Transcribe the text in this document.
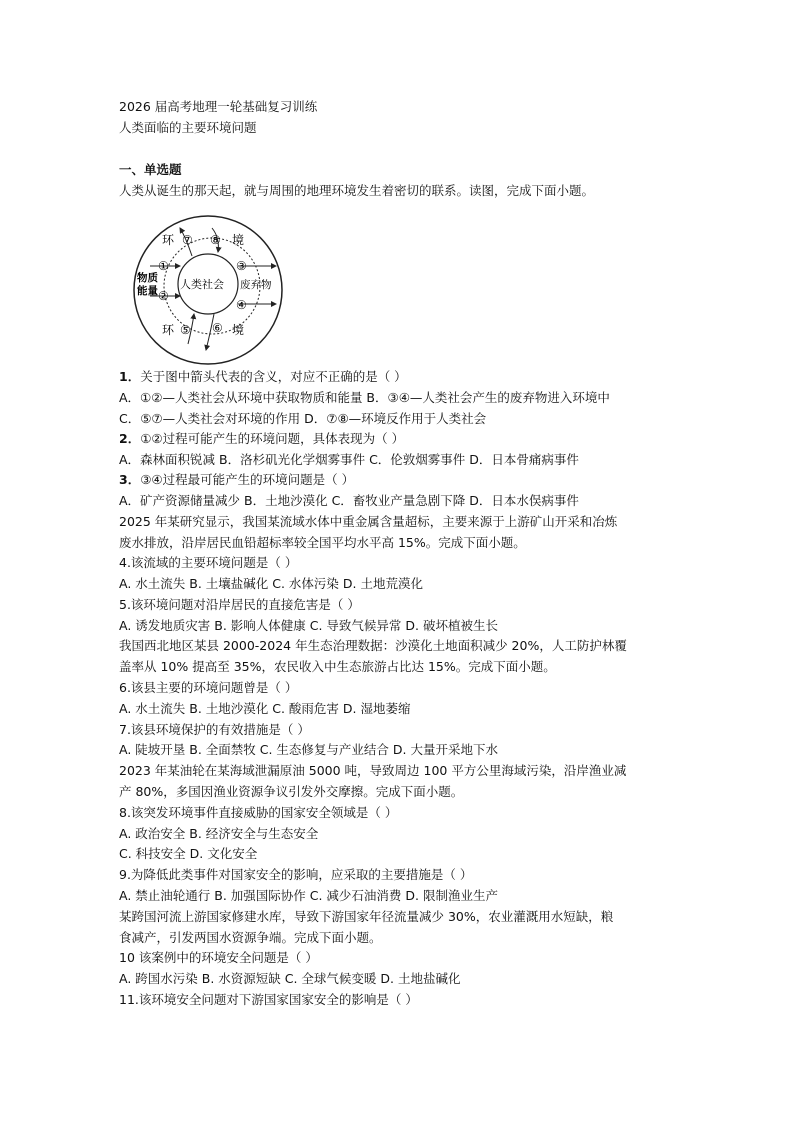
2026 届高考地理一轮基础复习训练
人类面临的主要环境问题
一、单选题
人类从诞生的那天起，就与周围的地理环境发生着密切的联系。读图，完成下面小题。
环	境
环	境
人类社会
物质
能量	废弃物
①
②
③
④
⑤ ⑥
⑦ ⑧
1．关于图中箭头代表的含义，对应不正确的是（ ）
A．①②—人类社会从环境中获取物质和能量 B．③④—人类社会产生的废弃物进入环境中
C．⑤⑦—人类社会对环境的作用 D．⑦⑧—环境反作用于人类社会
2．①②过程可能产生的环境问题，具体表现为（ ）
A．森林面积锐减 B．洛杉矶光化学烟雾事件 C．伦敦烟雾事件 D．日本骨痛病事件
3．③④过程最可能产生的环境问题是（ ）
A．矿产资源储量减少 B．土地沙漠化 C．畜牧业产量急剧下降 D．日本水俣病事件
2025 年某研究显示，我国某流域水体中重金属含量超标，主要来源于上游矿山开采和冶炼
废水排放，沿岸居民血铅超标率较全国平均水平高 15%。完成下面小题。
4.该流域的主要环境问题是（ ）
A. 水土流失 B. 土壤盐碱化 C. 水体污染 D. 土地荒漠化
5.该环境问题对沿岸居民的直接危害是（ ）
A. 诱发地质灾害 B. 影响人体健康 C. 导致气候异常 D. 破坏植被生长
我国西北地区某县 2000-2024 年生态治理数据：沙漠化土地面积减少 20%，人工防护林覆
盖率从 10% 提高至 35%，农民收入中生态旅游占比达 15%。完成下面小题。
6.该县主要的环境问题曾是（ ）
A. 水土流失 B. 土地沙漠化 C. 酸雨危害 D. 湿地萎缩
7.该县环境保护的有效措施是（ ）
A. 陡坡开垦 B. 全面禁牧 C. 生态修复与产业结合 D. 大量开采地下水
2023 年某油轮在某海域泄漏原油 5000 吨，导致周边 100 平方公里海域污染，沿岸渔业减
产 80%，多国因渔业资源争议引发外交摩擦。完成下面小题。
8.该突发环境事件直接威胁的国家安全领域是（ ）
A. 政治安全 B. 经济安全与生态安全
C. 科技安全 D. 文化安全
9.为降低此类事件对国家安全的影响，应采取的主要措施是（ ）
A. 禁止油轮通行 B. 加强国际协作 C. 减少石油消费 D. 限制渔业生产
某跨国河流上游国家修建水库，导致下游国家年径流量减少 30%，农业灌溉用水短缺，粮
食减产，引发两国水资源争端。完成下面小题。
10 该案例中的环境安全问题是（ ）
A. 跨国水污染 B. 水资源短缺 C. 全球气候变暖 D. 土地盐碱化
11.该环境安全问题对下游国家国家安全的影响是（ ）
